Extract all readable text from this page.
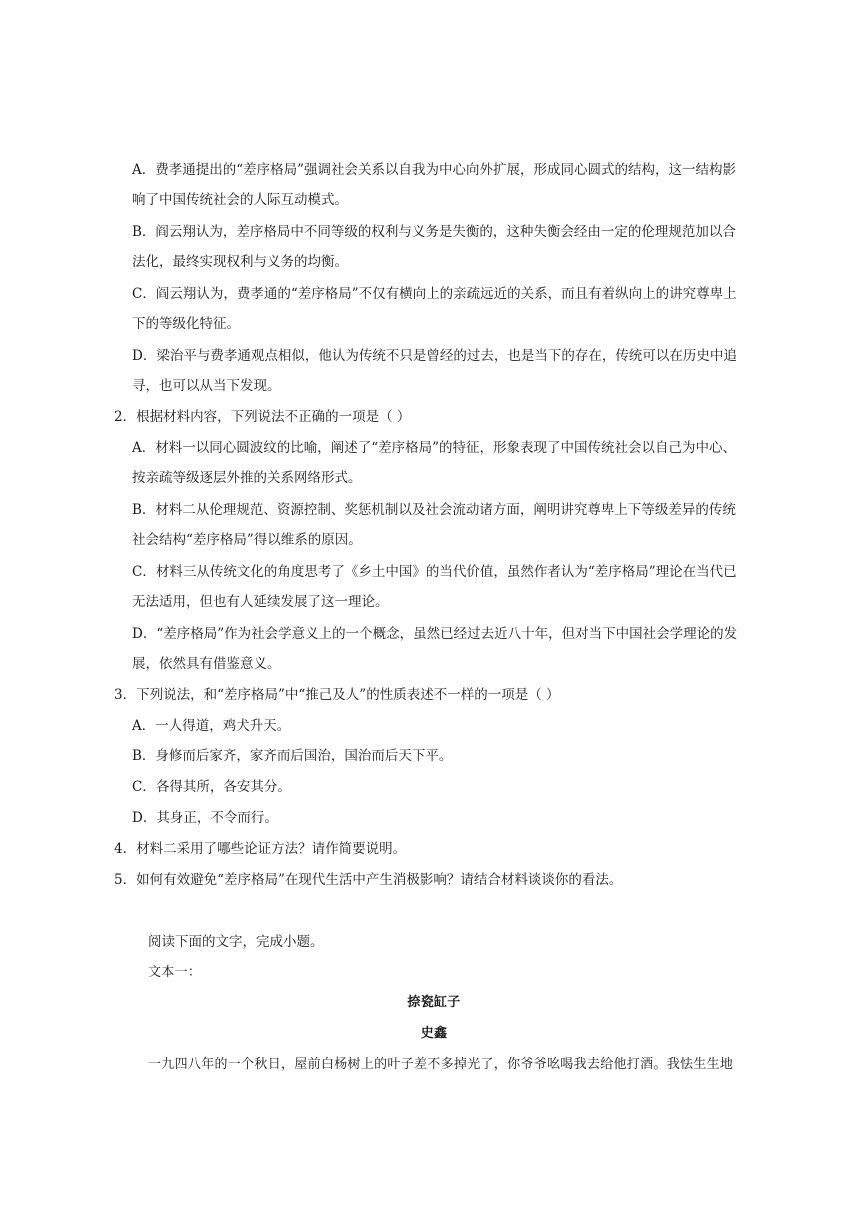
A．费孝通提出的“差序格局”强调社会关系以自我为中心向外扩展，形成同心圆式的结构，这一结构影
响了中国传统社会的人际互动模式。
B．阎云翔认为，差序格局中不同等级的权利与义务是失衡的，这种失衡会经由一定的伦理规范加以合
法化，最终实现权利与义务的均衡。
C．阎云翔认为，费孝通的“差序格局”不仅有横向上的亲疏远近的关系，而且有着纵向上的讲究尊卑上
下的等级化特征。
D．梁治平与费孝通观点相似，他认为传统不只是曾经的过去，也是当下的存在，传统可以在历史中追
寻，也可以从当下发现。
2．根据材料内容，下列说法不正确的一项是（ ）
A．材料一以同心圆波纹的比喻，阐述了“差序格局”的特征，形象表现了中国传统社会以自己为中心、
按亲疏等级逐层外推的关系网络形式。
B．材料二从伦理规范、资源控制、奖惩机制以及社会流动诸方面，阐明讲究尊卑上下等级差异的传统
社会结构“差序格局”得以维系的原因。
C．材料三从传统文化的角度思考了《乡土中国》的当代价值，虽然作者认为“差序格局”理论在当代已
无法适用，但也有人延续发展了这一理论。
D．“差序格局”作为社会学意义上的一个概念，虽然已经过去近八十年，但对当下中国社会学理论的发
展，依然具有借鉴意义。
3．下列说法，和“差序格局”中“推己及人”的性质表述不一样的一项是（ ）
A．一人得道，鸡犬升天。
B．身修而后家齐，家齐而后国治，国治而后天下平。
C．各得其所，各安其分。
D．其身正，不令而行。
4．材料二采用了哪些论证方法？请作简要说明。
5．如何有效避免“差序格局”在现代生活中产生消极影响？请结合材料谈谈你的看法。
阅读下面的文字，完成小题。
文本一：
捺瓷缸子
史鑫
一九四八年的一个秋日，屋前白杨树上的叶子差不多掉光了，你爷爷吆喝我去给他打酒。我怯生生地
